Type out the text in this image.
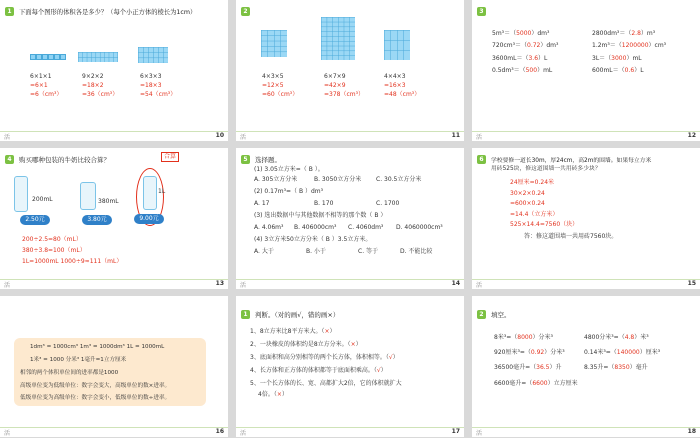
1	下面每个图形的体积各是多少？（每个小正方体的棱长为1cm）
6×1×1
=6×1
=6（cm³）
9×2×2
=18×2
=36（cm³）
6×3×3
=18×3
=54（cm³）
活	10
2
4×3×5
=12×5
=60（cm³）
6×7×9
=42×9
=378（cm³）
4×4×3
=16×3
=48（cm³）
活	11
3
5m³＝（5000）dm³	2800dm³＝（2.8）m³
720cm³＝（0.72）dm³	1.2m³＝（1200000）cm³
3600mL＝（3.6）L	3L＝（3000）mL
0.5dm³＝（500）mL	600mL＝（0.6）L
活	12
4	购买哪种包装的牛奶比较合算？
200mL
2.50元
380mL
3.80元
1L
合算
9.00元
200÷2.5=80（mL）
380÷3.8=100（mL）
1L=1000mL 1000÷9≈111（mL）
活	13
5	选择题。
(1) 3.05立方米=（ B ）。
A. 305立方分米	B. 3050立方分米 C. 30.5立方分米
(2) 0.17m³=（ B ）dm³
A. 17	B. 170	C. 1700
(3) 选出数据中与其他数据不相等的那个数（ B ）
A. 4.06m³ B. 406000cm³ C. 4060dm³ D. 4060000cm³
(4) 3立方米50立方分米（ B ）3.5立方米。
A. 大于	B. 小于	C. 等于	D. 不能比较
活	14
6	学校要修一道长30m，厚24cm，高2m的围墙。如果每立方米
用砖525块，修这道围墙一共用砖多少块？
24厘米=0.24米
30×2×0.24
=600×0.24
=14.4（立方米）
525×14.4=7560（块）
答：修这道围墙一共用砖7560块。
活	15
1dm³ = 1000cm³ 1m³ = 1000dm³ 1L = 1000mL
1米³ = 1000 分米³ 1毫升=1立方厘米
相邻的两个体积单位间的进率都是1000
高级单位变为低级单位：数字会变大，高级单位的数×进率。
低级单位变为高级单位：数字会变小，低级单位的数÷进率。
活	16
1	判断。（对的画√，错的画×）
1、8立方米比8平方米大。（×）
2、一块橡皮的体积约是8立方分米。（×）
3、底面积和高分别相等的两个长方体，体积相等。（√）
4、长方体和正方体的体积都等于底面积乘高。（√）
5、一个长方体的长、宽、高都扩大2倍，它的体积就扩大
4倍。（×）
活	17
2	填空。
8米³=（8000）分米³	4800分米³=（4.8）米³
920厘米³=（0.92）分米³	0.14米³=（140000）厘米³
36500毫升=（36.5）升	8.35升=（8350）毫升
6600毫升=（6600）立方厘米
活	18
